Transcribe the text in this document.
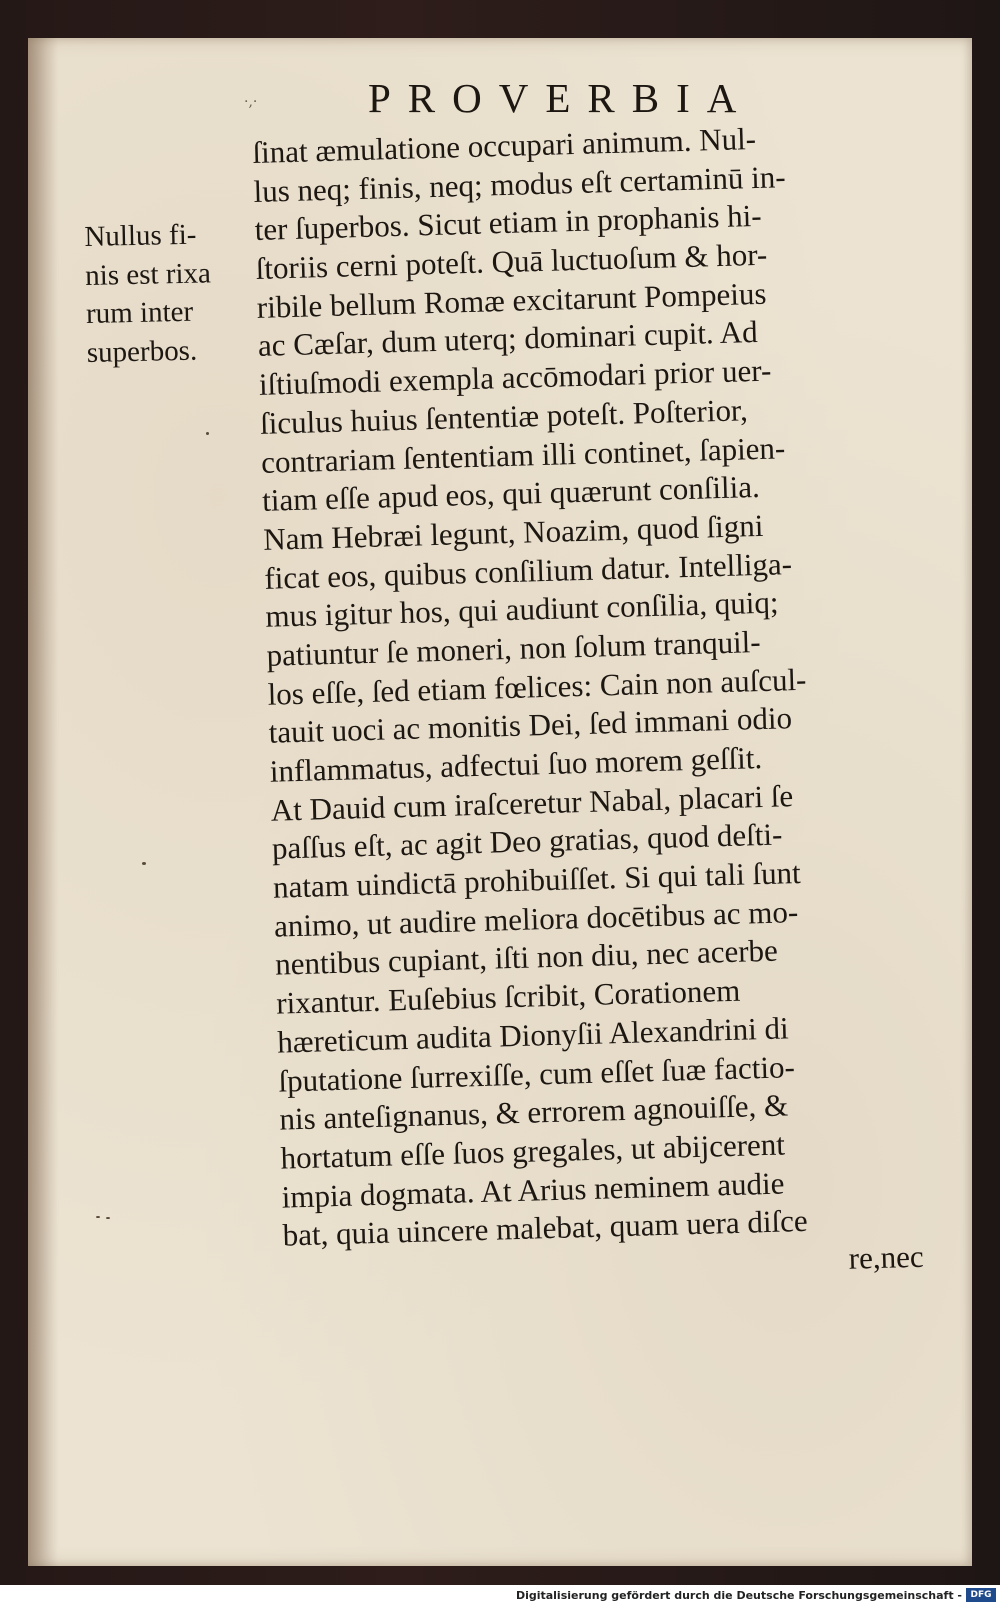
·,·	PROVERBIA
Nullus fi-
nis est rixa
rum inter
superbos.
ſinat æmulatione occupari animum. Nul-
lus neq; finis, neq; modus eſt certaminū in-
ter ſuperbos. Sicut etiam in prophanis hi-
ſtoriis cerni poteſt. Quā luctuoſum & hor-
ribile bellum Romæ excitarunt Pompeius
ac Cæſar, dum uterq; dominari cupit. Ad
iſtiuſmodi exempla accōmodari prior uer-
ſiculus huius ſententiæ poteſt. Poſterior,
contrariam ſententiam illi continet, ſapien-
tiam eſſe apud eos, qui quærunt conſilia.
Nam Hebræi legunt, Noazim, quod ſigni
ficat eos, quibus conſilium datur. Intelliga-
mus igitur hos, qui audiunt conſilia, quiq;
patiuntur ſe moneri, non ſolum tranquil-
los eſſe, ſed etiam fœlices: Cain non auſcul-
tauit uoci ac monitis Dei, ſed immani odio
inflammatus, adfectui ſuo morem geſſit.
At Dauid cum iraſceretur Nabal, placari ſe
paſſus eſt, ac agit Deo gratias, quod deſti-
natam uindictā prohibuiſſet. Si qui tali ſunt
animo, ut audire meliora docētibus ac mo-
nentibus cupiant, iſti non diu, nec acerbe
rixantur. Euſebius ſcribit, Corationem
hæreticum audita Dionyſii Alexandrini di
ſputatione ſurrexiſſe, cum eſſet ſuæ factio-
nis anteſignanus, & errorem agnouiſſe, &
hortatum eſſe ſuos gregales, ut abijcerent
impia dogmata. At Arius neminem audie
bat, quia uincere malebat, quam uera diſce
re,nec
Digitalisierung gefördert durch die Deutsche Forschungsgemeinschaft - DFG
